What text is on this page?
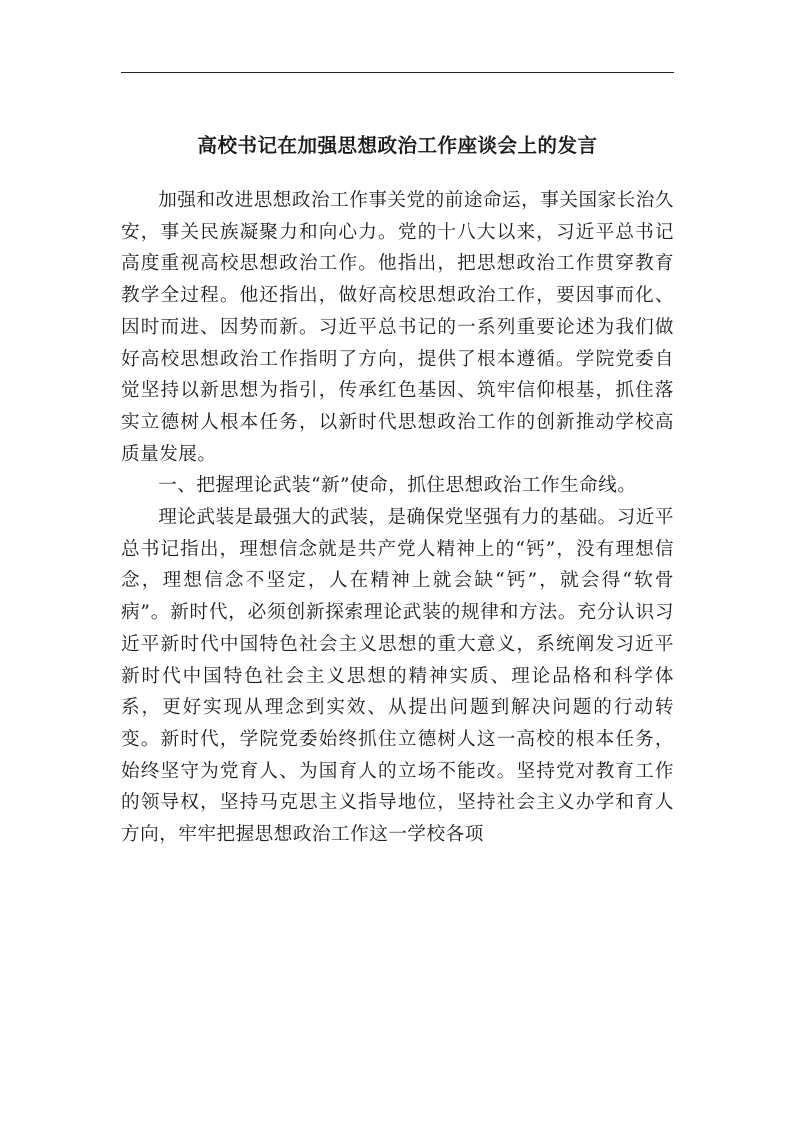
高校书记在加强思想政治工作座谈会上的发言

加强和改进思想政治工作事关党的前途命运，事关国家长治久安，事关民族凝聚力和向心力。党的十八大以来，习近平总书记高度重视高校思想政治工作。他指出，把思想政治工作贯穿教育教学全过程。他还指出，做好高校思想政治工作，要因事而化、因时而进、因势而新。习近平总书记的一系列重要论述为我们做好高校思想政治工作指明了方向，提供了根本遵循。学院党委自觉坚持以新思想为指引，传承红色基因、筑牢信仰根基，抓住落实立德树人根本任务，以新时代思想政治工作的创新推动学校高质量发展。

一、把握理论武装“新”使命，抓住思想政治工作生命线。

理论武装是最强大的武装，是确保党坚强有力的基础。习近平总书记指出，理想信念就是共产党人精神上的“钙”，没有理想信念，理想信念不坚定，人在精神上就会缺“钙”，就会得“软骨病”。新时代，必须创新探索理论武装的规律和方法。充分认识习近平新时代中国特色社会主义思想的重大意义，系统阐发习近平新时代中国特色社会主义思想的精神实质、理论品格和科学体系，更好实现从理念到实效、从提出问题到解决问题的行动转变。新时代，学院党委始终抓住立德树人这一高校的根本任务，始终坚守为党育人、为国育人的立场不能改。坚持党对教育工作的领导权，坚持马克思主义指导地位，坚持社会主义办学和育人方向，牢牢把握思想政治工作这一学校各项
